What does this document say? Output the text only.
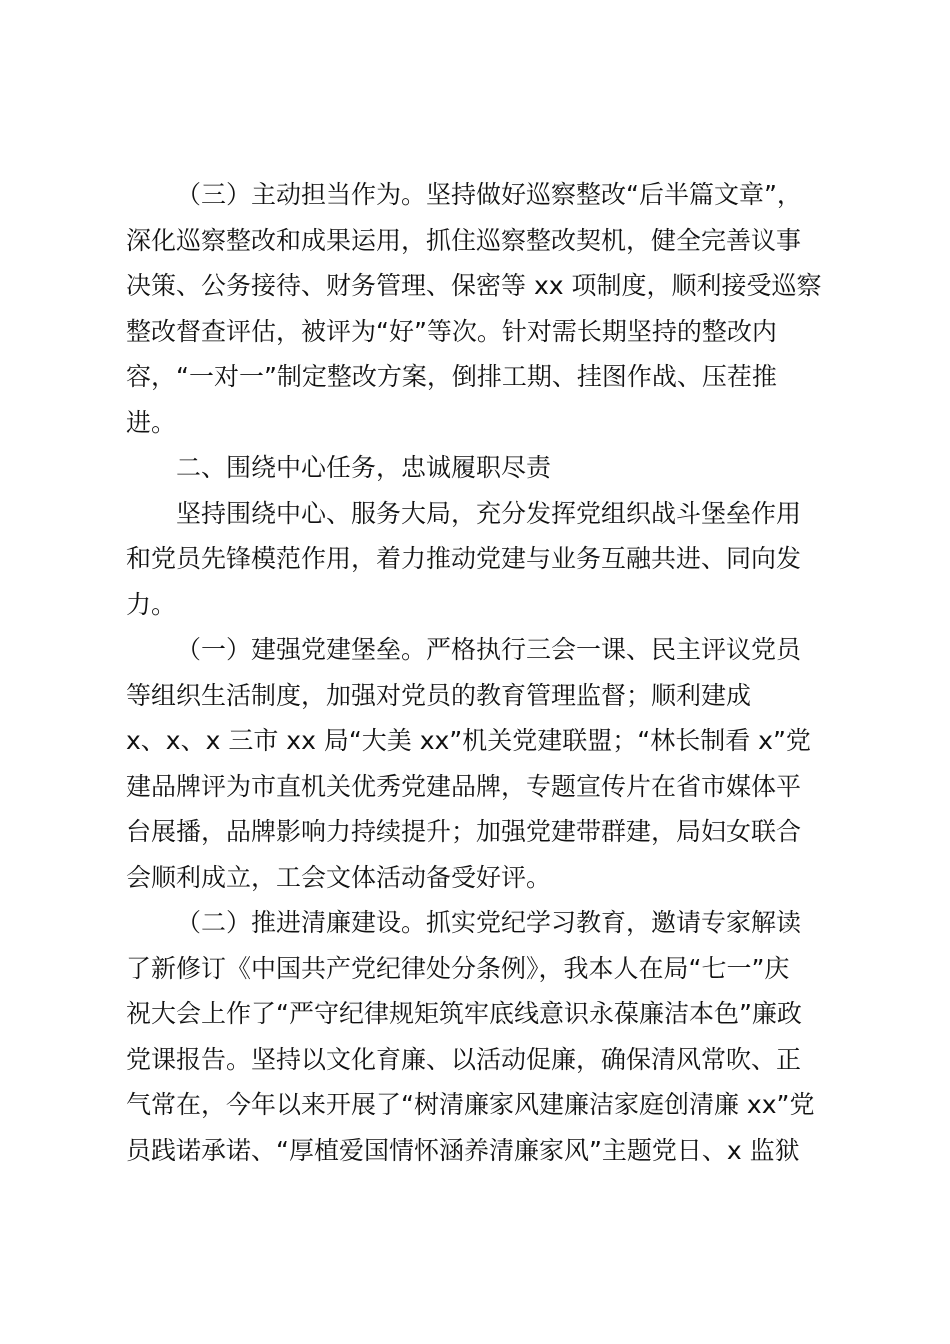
（三）主动担当作为。坚持做好巡察整改“后半篇文章”，
深化巡察整改和成果运用，抓住巡察整改契机，健全完善议事
决策、公务接待、财务管理、保密等 xx 项制度，顺利接受巡察
整改督查评估，被评为“好”等次。针对需长期坚持的整改内
容，“一对一”制定整改方案，倒排工期、挂图作战、压茬推
进。
二、围绕中心任务，忠诚履职尽责
坚持围绕中心、服务大局，充分发挥党组织战斗堡垒作用
和党员先锋模范作用，着力推动党建与业务互融共进、同向发
力。
（一）建强党建堡垒。严格执行三会一课、民主评议党员
等组织生活制度，加强对党员的教育管理监督；顺利建成
x、x、x 三市 xx 局“大美 xx”机关党建联盟；“林长制看 x”党
建品牌评为市直机关优秀党建品牌，专题宣传片在省市媒体平
台展播，品牌影响力持续提升；加强党建带群建，局妇女联合
会顺利成立，工会文体活动备受好评。
（二）推进清廉建设。抓实党纪学习教育，邀请专家解读
了新修订《中国共产党纪律处分条例》，我本人在局“七一”庆
祝大会上作了“严守纪律规矩筑牢底线意识永葆廉洁本色”廉政
党课报告。坚持以文化育廉、以活动促廉，确保清风常吹、正
气常在，今年以来开展了“树清廉家风建廉洁家庭创清廉 xx”党
员践诺承诺、“厚植爱国情怀涵养清廉家风”主题党日、x 监狱
